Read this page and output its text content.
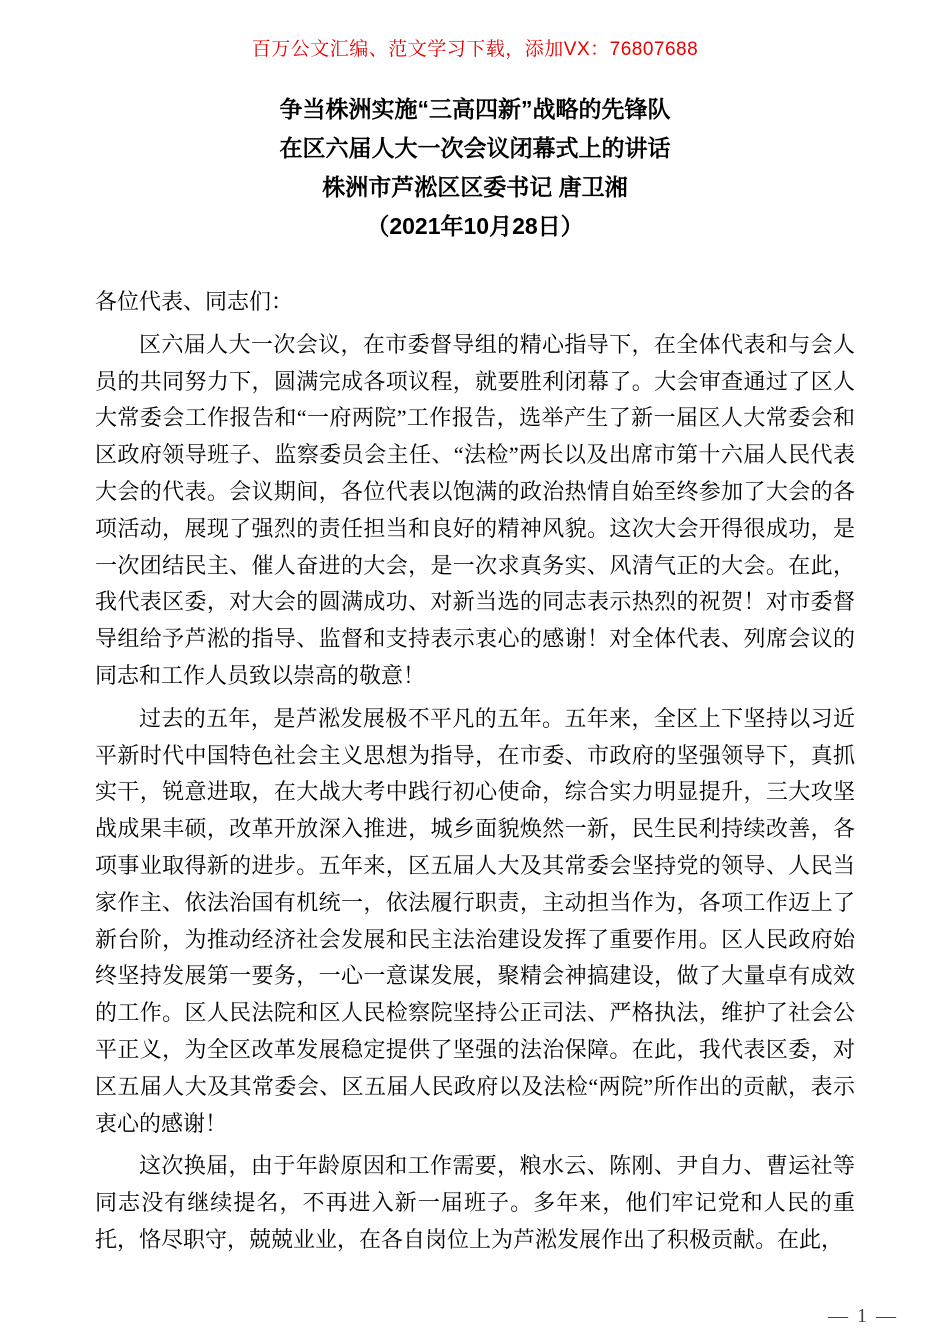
百万公文汇编、范文学习下载，添加VX：76807688
争当株洲实施“三高四新”战略的先锋队
在区六届人大一次会议闭幕式上的讲话
株洲市芦淞区区委书记 唐卫湘
（2021年10月28日）

各位代表、同志们：

区六届人大一次会议，在市委督导组的精心指导下，在全体代表和与会人员的共同努力下，圆满完成各项议程，就要胜利闭幕了。大会审查通过了区人大常委会工作报告和“一府两院”工作报告，选举产生了新一届区人大常委会和区政府领导班子、监察委员会主任、“法检”两长以及出席市第十六届人民代表大会的代表。会议期间，各位代表以饱满的政治热情自始至终参加了大会的各项活动，展现了强烈的责任担当和良好的精神风貌。这次大会开得很成功，是一次团结民主、催人奋进的大会，是一次求真务实、风清气正的大会。在此，我代表区委，对大会的圆满成功、对新当选的同志表示热烈的祝贺！对市委督导组给予芦淞的指导、监督和支持表示衷心的感谢！对全体代表、列席会议的同志和工作人员致以崇高的敬意！

过去的五年，是芦淞发展极不平凡的五年。五年来，全区上下坚持以习近平新时代中国特色社会主义思想为指导，在市委、市政府的坚强领导下，真抓实干，锐意进取，在大战大考中践行初心使命，综合实力明显提升，三大攻坚战成果丰硕，改革开放深入推进，城乡面貌焕然一新，民生民利持续改善，各项事业取得新的进步。五年来，区五届人大及其常委会坚持党的领导、人民当家作主、依法治国有机统一，依法履行职责，主动担当作为，各项工作迈上了新台阶，为推动经济社会发展和民主法治建设发挥了重要作用。区人民政府始终坚持发展第一要务，一心一意谋发展，聚精会神搞建设，做了大量卓有成效的工作。区人民法院和区人民检察院坚持公正司法、严格执法，维护了社会公平正义，为全区改革发展稳定提供了坚强的法治保障。在此，我代表区委，对区五届人大及其常委会、区五届人民政府以及法检“两院”所作出的贡献，表示衷心的感谢！

这次换届，由于年龄原因和工作需要，粮水云、陈刚、尹自力、曹运社等同志没有继续提名，不再进入新一届班子。多年来，他们牢记党和人民的重托，恪尽职守，兢兢业业，在各自岗位上为芦淞发展作出了积极贡献。在此，

— 1 —
